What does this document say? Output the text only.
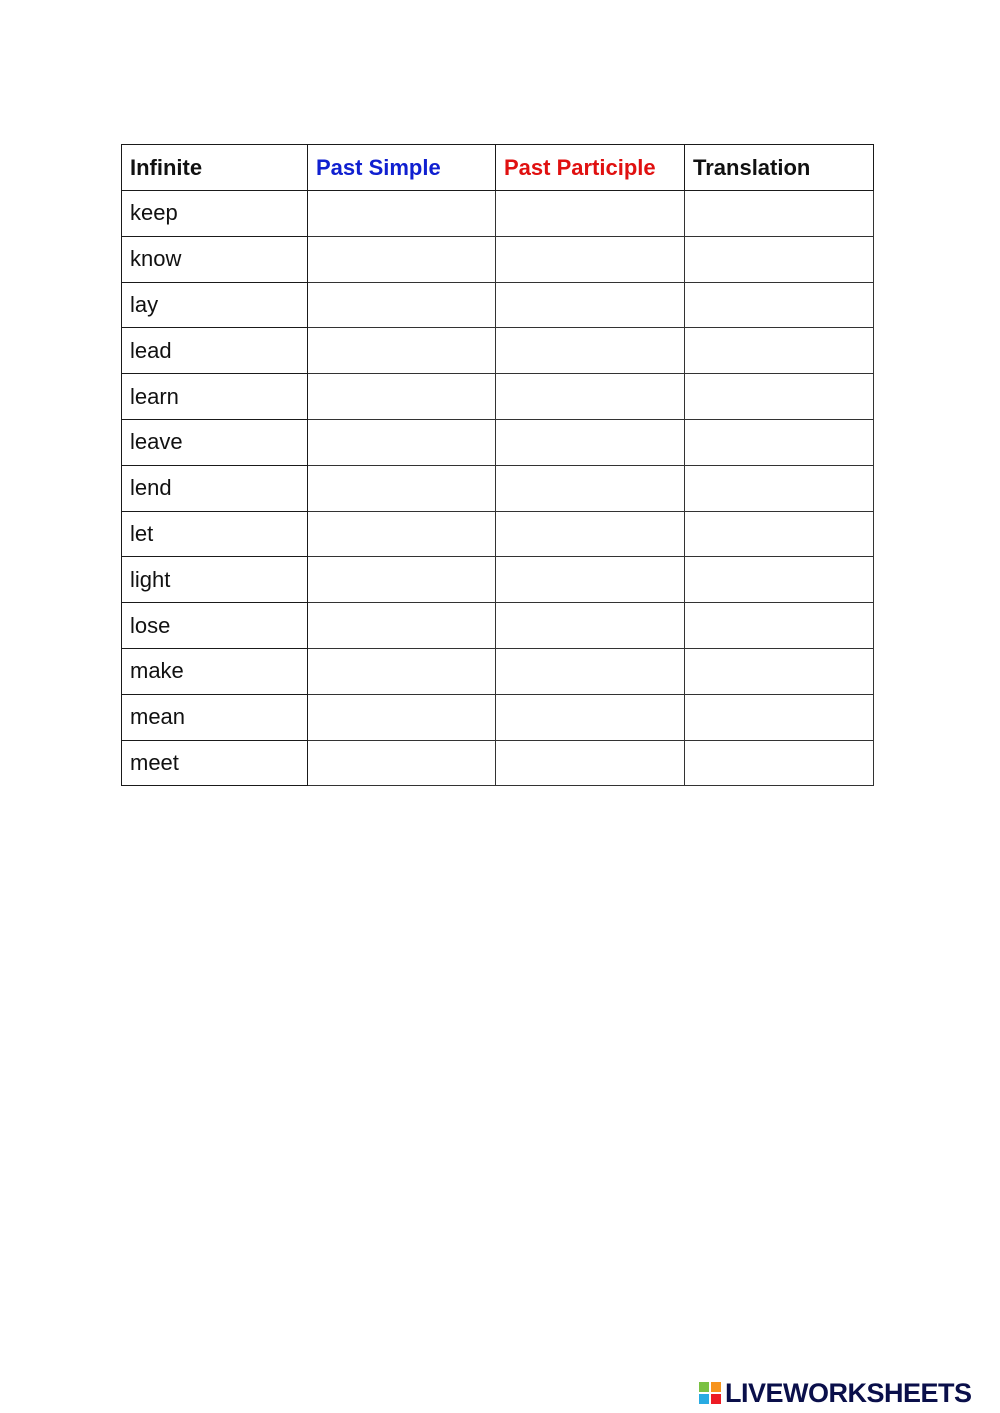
Infinite	Past Simple	Past Participle	Translation
keep			
know			
lay			
lead			
learn			
leave			
lend			
let			
light			
lose			
make			
mean			
meet			
LIVEWORKSHEETS
